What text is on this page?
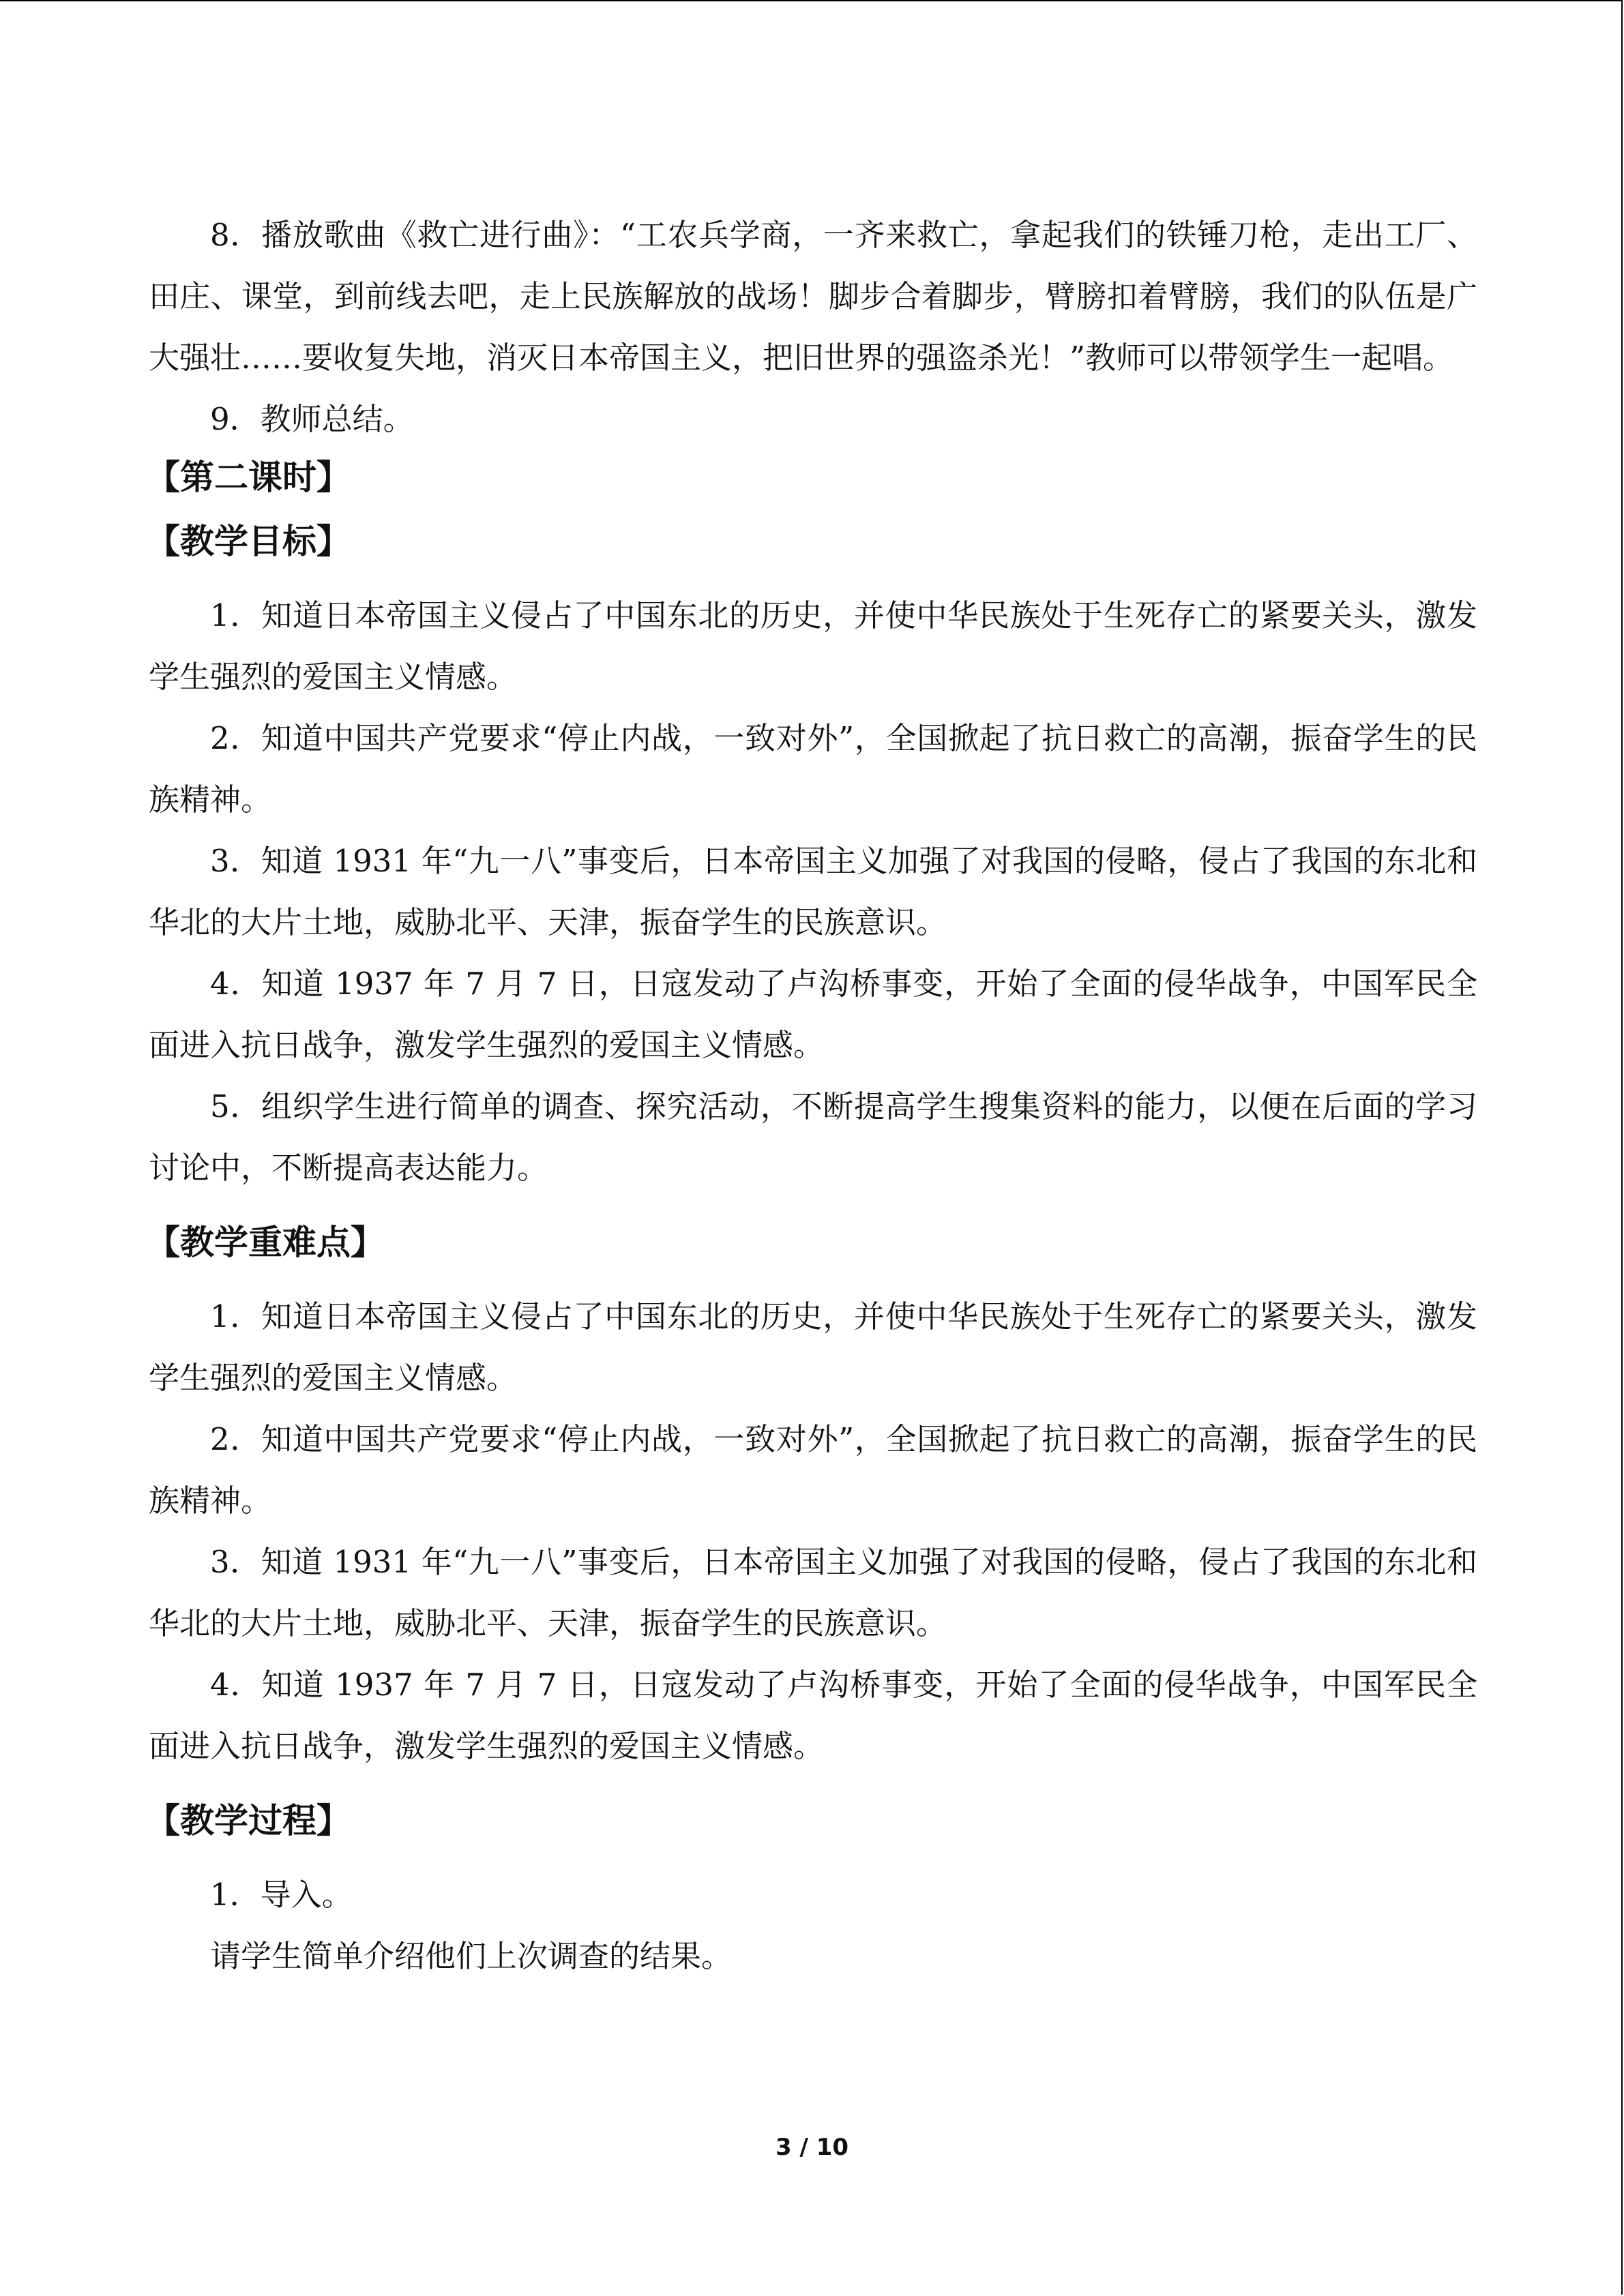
8．播放歌曲《救亡进行曲》：“工农兵学商，一齐来救亡，拿起我们的铁锤刀枪，走出工厂、田庄、课堂，到前线去吧，走上民族解放的战场！脚步合着脚步，臂膀扣着臂膀，我们的队伍是广大强壮……要收复失地，消灭日本帝国主义，把旧世界的强盗杀光！”教师可以带领学生一起唱。

9．教师总结。

【第二课时】
【教学目标】

1．知道日本帝国主义侵占了中国东北的历史，并使中华民族处于生死存亡的紧要关头，激发学生强烈的爱国主义情感。

2．知道中国共产党要求“停止内战，一致对外”，全国掀起了抗日救亡的高潮，振奋学生的民族精神。

3．知道 1931 年“九一八”事变后，日本帝国主义加强了对我国的侵略，侵占了我国的东北和华北的大片土地，威胁北平、天津，振奋学生的民族意识。

4．知道 1937 年 7 月 7 日，日寇发动了卢沟桥事变，开始了全面的侵华战争，中国军民全面进入抗日战争，激发学生强烈的爱国主义情感。

5．组织学生进行简单的调查、探究活动，不断提高学生搜集资料的能力，以便在后面的学习讨论中，不断提高表达能力。

【教学重难点】

1．知道日本帝国主义侵占了中国东北的历史，并使中华民族处于生死存亡的紧要关头，激发学生强烈的爱国主义情感。

2．知道中国共产党要求“停止内战，一致对外”，全国掀起了抗日救亡的高潮，振奋学生的民族精神。

3．知道 1931 年“九一八”事变后，日本帝国主义加强了对我国的侵略，侵占了我国的东北和华北的大片土地，威胁北平、天津，振奋学生的民族意识。

4．知道 1937 年 7 月 7 日，日寇发动了卢沟桥事变，开始了全面的侵华战争，中国军民全面进入抗日战争，激发学生强烈的爱国主义情感。

【教学过程】

1．导入。

请学生简单介绍他们上次调查的结果。

3 / 10
